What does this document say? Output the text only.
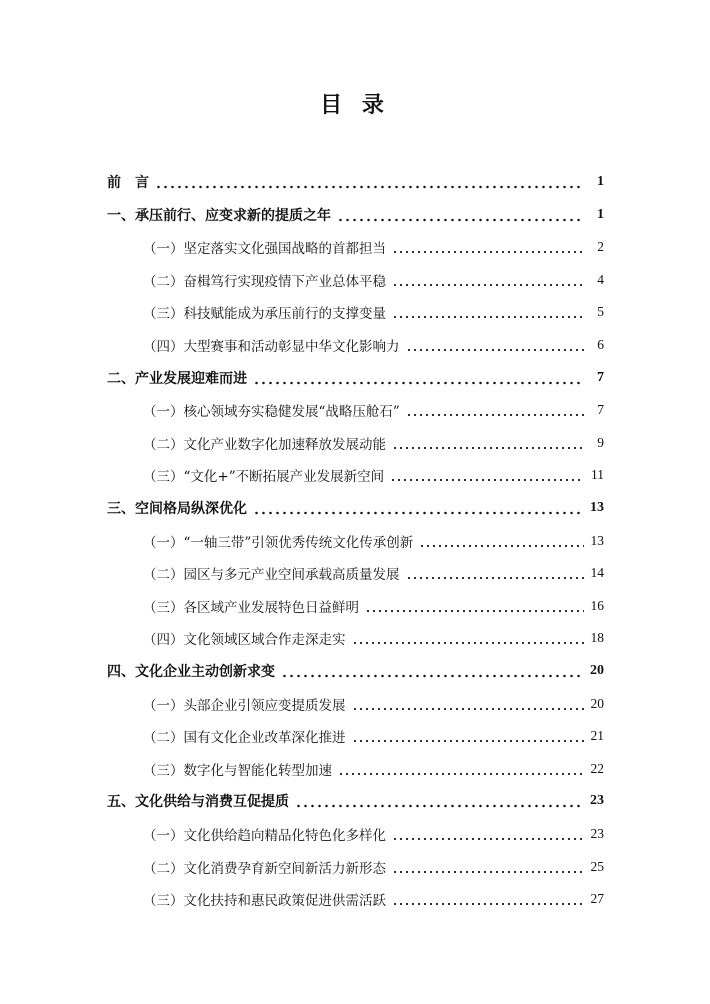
目 录
前　言	1
一、承压前行、应变求新的提质之年	1
（一）坚定落实文化强国战略的首都担当	2
（二）奋楫笃行实现疫情下产业总体平稳	4
（三）科技赋能成为承压前行的支撑变量	5
（四）大型赛事和活动彰显中华文化影响力	6
二、产业发展迎难而进	7
（一）核心领域夯实稳健发展“战略压舱石”	7
（二）文化产业数字化加速释放发展动能	9
（三）“文化+”不断拓展产业发展新空间	11
三、空间格局纵深优化	13
（一）“一轴三带”引领优秀传统文化传承创新	13
（二）园区与多元产业空间承载高质量发展	14
（三）各区域产业发展特色日益鲜明	16
（四）文化领域区域合作走深走实	18
四、文化企业主动创新求变	20
（一）头部企业引领应变提质发展	20
（二）国有文化企业改革深化推进	21
（三）数字化与智能化转型加速	22
五、文化供给与消费互促提质	23
（一）文化供给趋向精品化特色化多样化	23
（二）文化消费孕育新空间新活力新形态	25
（三）文化扶持和惠民政策促进供需活跃	27
